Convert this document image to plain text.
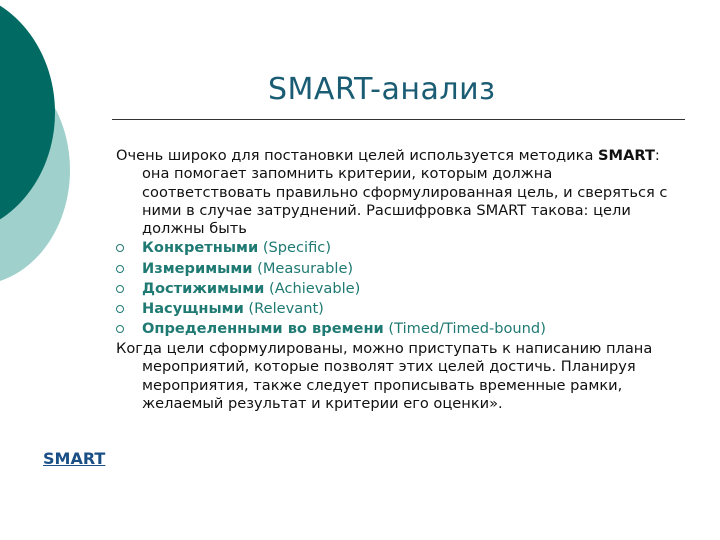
SMART-анализ

Очень широко для постановки целей используется методика SMART: она помогает запомнить критерии, которым должна соответствовать правильно сформулированная цель, и сверяться с ними в случае затруднений. Расшифровка SMART такова: цели должны быть

Конкретными (Specific)
Измеримыми (Measurable)
Достижимыми (Achievable)
Насущными (Relevant)
Определенными во времени (Timed/Timed-bound)

Когда цели сформулированы, можно приступать к написанию плана мероприятий, которые позволят этих целей достичь. Планируя мероприятия, также следует прописывать временные рамки, желаемый результат и критерии его оценки».

SMART
